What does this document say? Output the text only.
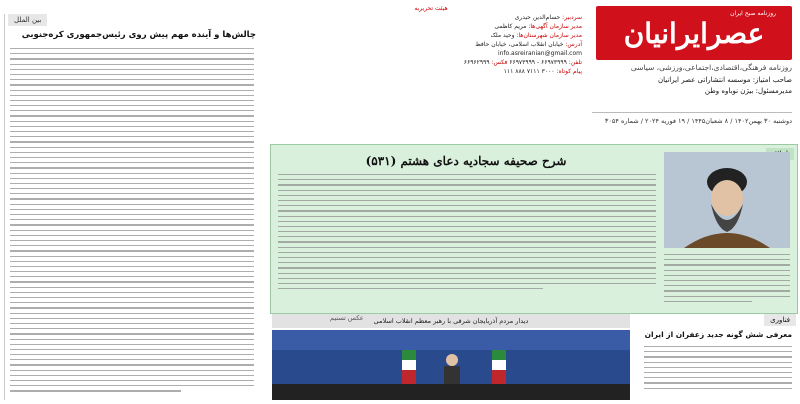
بین الملل
چالش‌ها و آینده مهم پیش روی رئیس‌جمهوری کره‌جنوبی	عصرایرانیان
روزنامه صبح ایران
روزنامه فرهنگی،اقتصادی،اجتماعی،ورزشی، سیاسی
صاحب امتیاز: موسسه انتشاراتی عصر ایرانیان
مدیرمسئول: بیژن نوباوه وطن
دوشنبه ۳۰ بهمن۱۴۰۲ / ۸ شعبان۱۴۴۵ / ۱۹ فوریه ۲۰۲۴ / شماره ۳۰۵۴
هیئت تحریریه
سردبیر: حسام‌الدین حیدری
مدیر سازمان آگهی‌ها: مریم کاظمی
مدیر سازمان شهرستان‌ها: وحید ملک
آدرس: خیابان انقلاب اسلامی، خیابان حافظ
info.asreiranian@gmail.com
تلفن: ۶۶۹۷۳۹۹۹ - ۶۶۹۷۳۹۹۹ فکس: ۶۶۹۶۲۹۹۹
پیام کوتاه: ۳۰۰۰ ۷۱۱۱ ۸۸۸ ۱۱۱
شرح صحیفه سجادیه دعای هشتم (۵۳۱)
دیدار مردم آذربایجان شرقی با رهبر معظم انقلاب اسلامی
عکس تسنیم	فناوری
معرفی شش گونه جدید زعفران از ایران
